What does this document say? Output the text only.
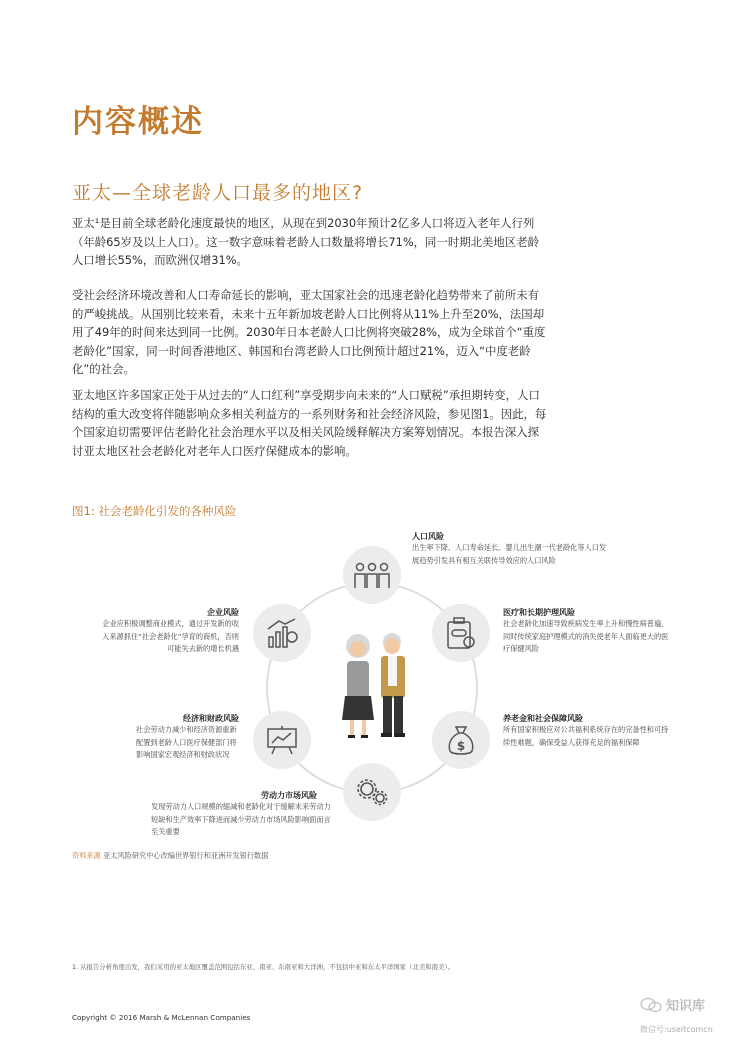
内容概述
亚太—全球老龄人口最多的地区?
亚太¹是目前全球老龄化速度最快的地区，从现在到2030年预计2亿多人口将迈入老年人行列（年龄65岁及以上人口）。这一数字意味着老龄人口数量将增长71%，同一时期北美地区老龄人口增长55%，而欧洲仅增31%。
受社会经济环境改善和人口寿命延长的影响，亚太国家社会的迅速老龄化趋势带来了前所未有的严峻挑战。从国别比较来看，未来十五年新加坡老龄人口比例将从11%上升至20%，法国却用了49年的时间来达到同一比例。2030年日本老龄人口比例将突破28%，成为全球首个“重度老龄化”国家，同一时间香港地区、韩国和台湾老龄人口比例预计超过21%，迈入“中度老龄化”的社会。
亚太地区许多国家正处于从过去的“人口红利”享受期步向未来的“人口赋税”承担期转变，人口结构的重大改变将伴随影响众多相关利益方的一系列财务和社会经济风险，参见图1。因此，每个国家迫切需要评估老龄化社会治理水平以及相关风险缓释解决方案筹划情况。本报告深入探讨亚太地区社会老龄化对老年人口医疗保健成本的影响。
图1: 社会老龄化引发的各种风险
$
人口风险
出生率下降、人口寿命延长、婴儿出生潮一代老龄化等人口发展趋势引发具有相互关联传导效应的人口风险
医疗和长期护理风险
社会老龄化加速导致疾病发生率上升和慢性病普遍，同时传统家庭护理模式的消失使老年人面临更大的医疗保健风险
养老金和社会保障风险
所有国家积极应对公共福利系统存在的完备性和可持续性难题，确保受益人获得充足的福利保障
劳动力市场风险
发现劳动力人口规模的缩减和老龄化对于缓解未来劳动力短缺和生产效率下降进而减少劳动力市场风险影响面而言至关重要
经济和财政风险
社会劳动力减少和经济资源重新配置到老龄人口医疗保健部门将影响国家宏观经济和财政状况
企业风险
企业应积极调整商业模式，通过开发新的收入来源抓住“社会老龄化”孕育的商机，否则可能失去新的增长机遇
资料来源 亚太风险研究中心改编世界银行和亚洲开发银行数据
1. 从报告分析角度出发，我们采用的亚太地区覆盖范围包括东亚、南亚、东南亚和大洋洲，不包括中亚和东太平洋国家（北美和南美）。
Copyright © 2016 Marsh & McLennan Companies
知识库
微信号:useitcomcn
